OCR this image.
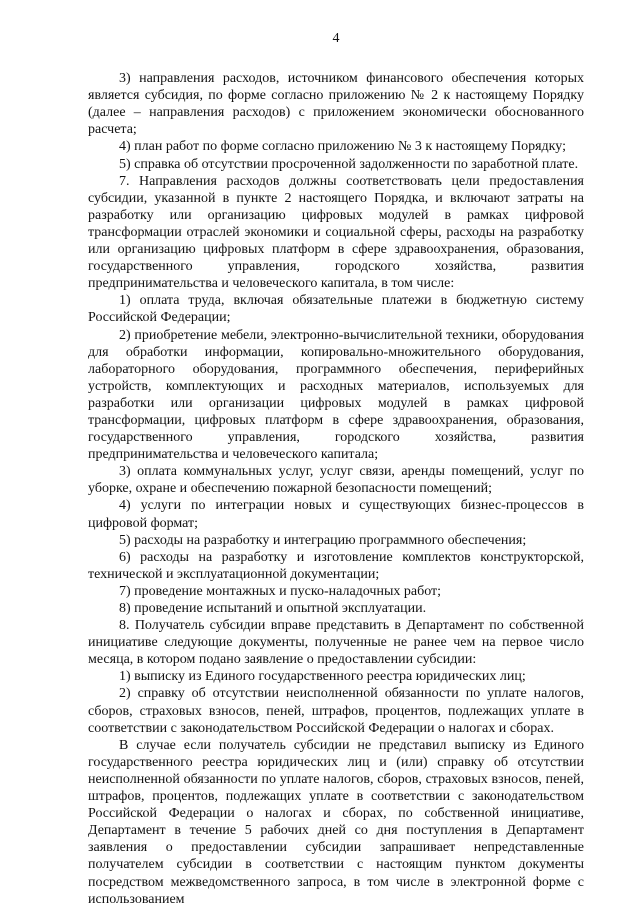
4

3) направления расходов, источником финансового обеспечения которых является субсидия, по форме согласно приложению № 2 к настоящему Порядку (далее – направления расходов) с приложением экономически обоснованного расчета;

4) план работ по форме согласно приложению № 3 к настоящему Порядку;

5) справка об отсутствии просроченной задолженности по заработной плате.

7. Направления расходов должны соответствовать цели предоставления субсидии, указанной в пункте 2 настоящего Порядка, и включают затраты на разработку или организацию цифровых модулей в рамках цифровой трансформации отраслей экономики и социальной сферы, расходы на разработку или организацию цифровых платформ в сфере здравоохранения, образования, государственного управления, городского хозяйства, развития предпринимательства и человеческого капитала, в том числе:

1) оплата труда, включая обязательные платежи в бюджетную систему Российской Федерации;

2) приобретение мебели, электронно-вычислительной техники, оборудования для обработки информации, копировально-множительного оборудования, лабораторного оборудования, программного обеспечения, периферийных устройств, комплектующих и расходных материалов, используемых для разработки или организации цифровых модулей в рамках цифровой трансформации, цифровых платформ в сфере здравоохранения, образования, государственного управления, городского хозяйства, развития предпринимательства и человеческого капитала;

3) оплата коммунальных услуг, услуг связи, аренды помещений, услуг по уборке, охране и обеспечению пожарной безопасности помещений;

4) услуги по интеграции новых и существующих бизнес-процессов в цифровой формат;

5) расходы на разработку и интеграцию программного обеспечения;

6) расходы на разработку и изготовление комплектов конструкторской, технической и эксплуатационной документации;

7) проведение монтажных и пуско-наладочных работ;

8) проведение испытаний и опытной эксплуатации.

8. Получатель субсидии вправе представить в Департамент по собственной инициативе следующие документы, полученные не ранее чем на первое число месяца, в котором подано заявление о предоставлении субсидии:

1) выписку из Единого государственного реестра юридических лиц;

2) справку об отсутствии неисполненной обязанности по уплате налогов, сборов, страховых взносов, пеней, штрафов, процентов, подлежащих уплате в соответствии с законодательством Российской Федерации о налогах и сборах.

В случае если получатель субсидии не представил выписку из Единого государственного реестра юридических лиц и (или) справку об отсутствии неисполненной обязанности по уплате налогов, сборов, страховых взносов, пеней, штрафов, процентов, подлежащих уплате в соответствии с законодательством Российской Федерации о налогах и сборах, по собственной инициативе, Департамент в течение 5 рабочих дней со дня поступления в Департамент заявления о предоставлении субсидии запрашивает непредставленные получателем субсидии в соответствии с настоящим пунктом документы посредством межведомственного запроса, в том числе в электронной форме с использованием
